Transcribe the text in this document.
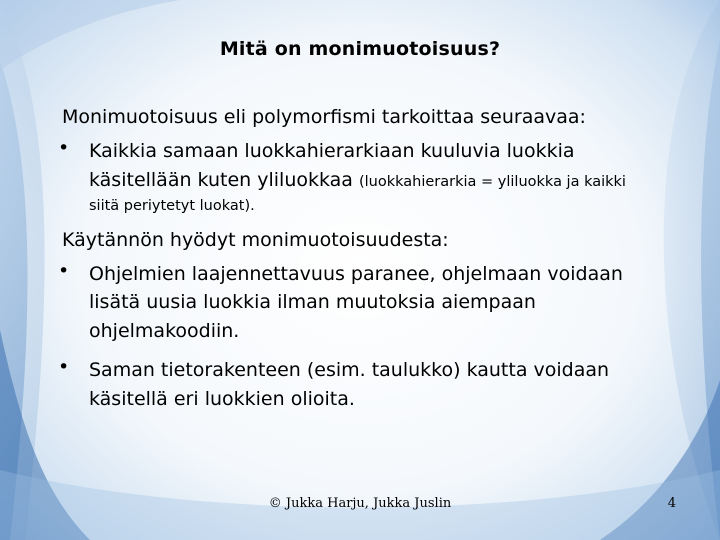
Mitä on monimuotoisuus?
Monimuotoisuus eli polymorfismi tarkoittaa seuraavaa:
• Kaikkia samaan luokkahierarkiaan kuuluvia luokkia
käsitellään kuten yliluokkaa (luokkahierarkia = yliluokka ja kaikki
siitä periytetyt luokat).
Käytännön hyödyt monimuotoisuudesta:
• Ohjelmien laajennettavuus paranee, ohjelmaan voidaan
lisätä uusia luokkia ilman muutoksia aiempaan
ohjelmakoodiin.
• Saman tietorakenteen (esim. taulukko) kautta voidaan
käsitellä eri luokkien olioita.
© Jukka Harju, Jukka Juslin	4
